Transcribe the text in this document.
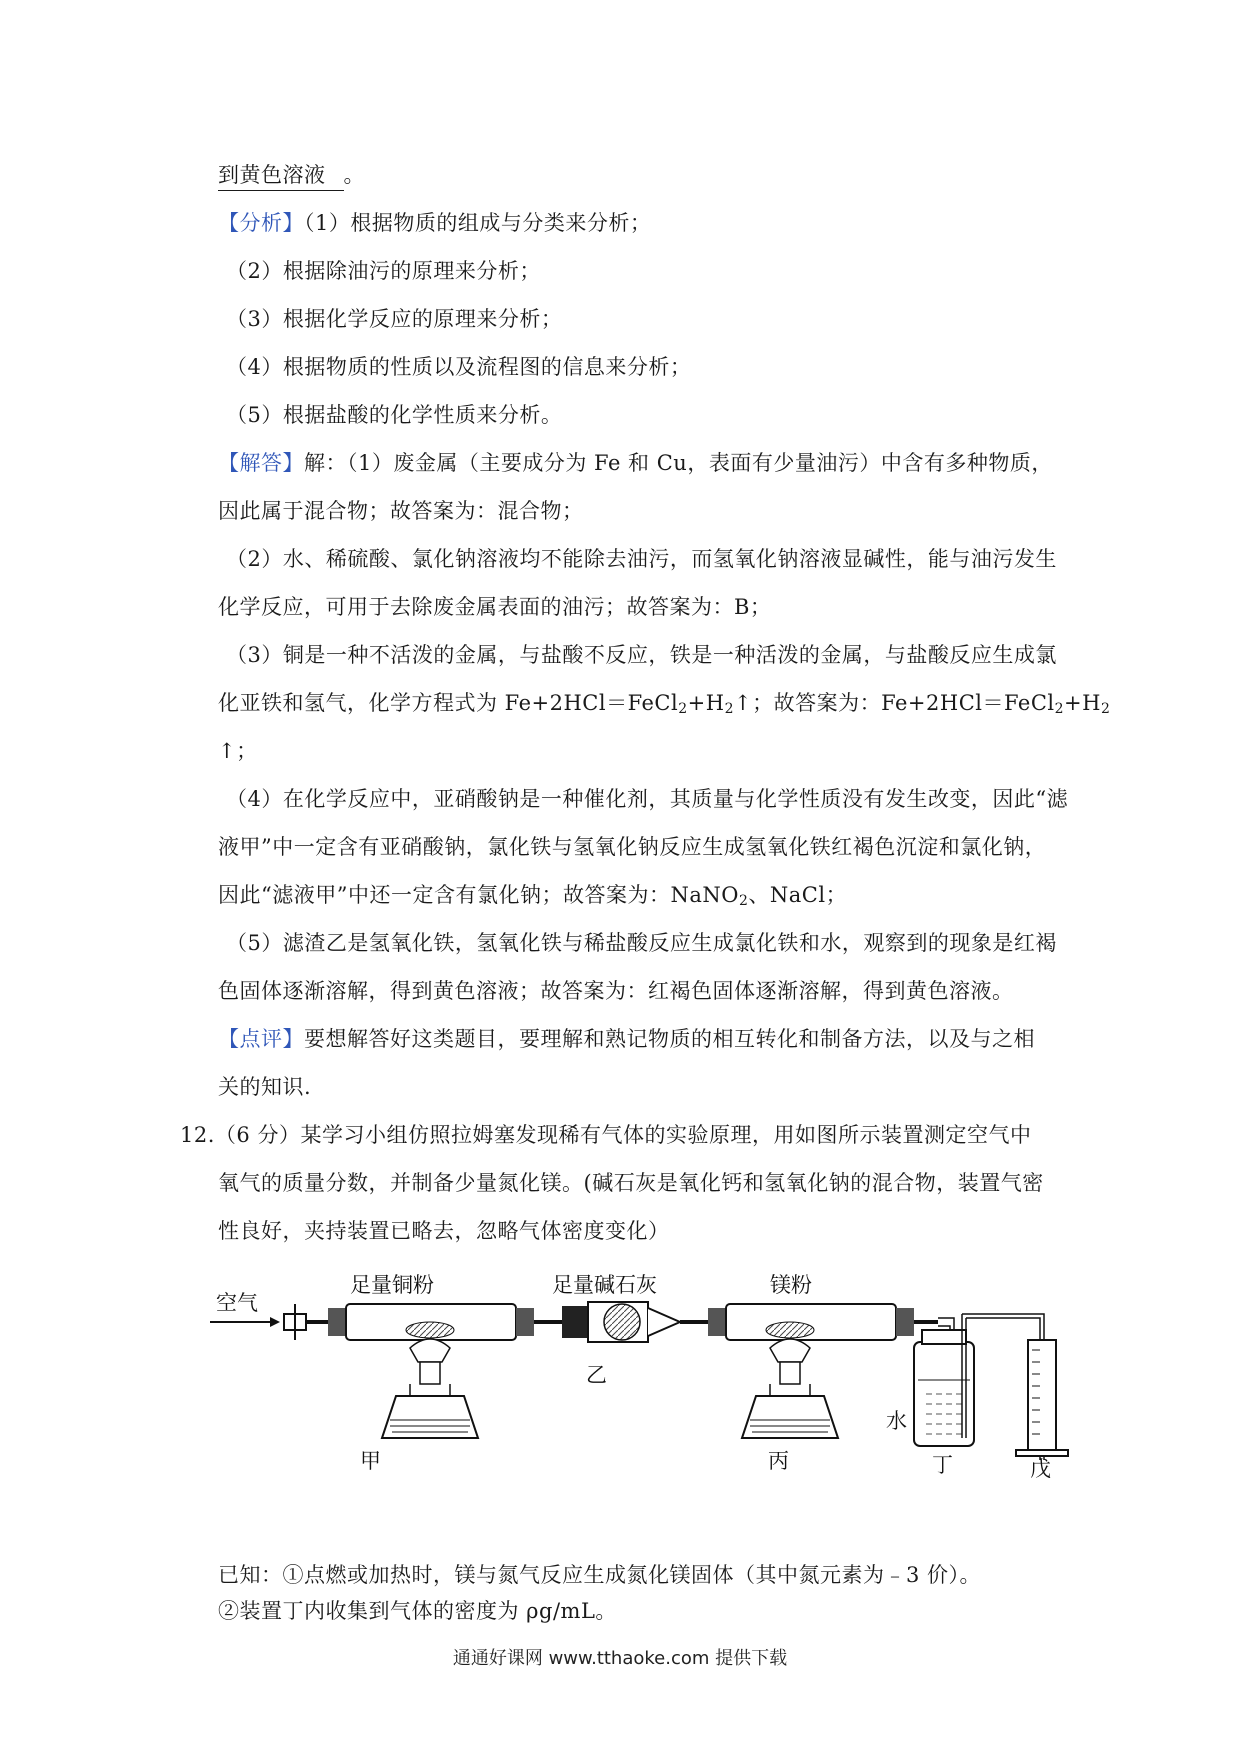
到黄色溶液 。
【分析】（1）根据物质的组成与分类来分析；
（2）根据除油污的原理来分析；
（3）根据化学反应的原理来分析；
（4）根据物质的性质以及流程图的信息来分析；
（5）根据盐酸的化学性质来分析。
【解答】解：（1）废金属（主要成分为 Fe 和 Cu，表面有少量油污）中含有多种物质，
因此属于混合物；故答案为：混合物；
（2）水、稀硫酸、氯化钠溶液均不能除去油污，而氢氧化钠溶液显碱性，能与油污发生
化学反应，可用于去除废金属表面的油污；故答案为：B；
（3）铜是一种不活泼的金属，与盐酸不反应，铁是一种活泼的金属，与盐酸反应生成氯
化亚铁和氢气，化学方程式为 $Fe+2HCl=FeCl_2+H_2↑$；故答案为：$Fe+2HCl=FeCl_2+H_2$
↑；
（4）在化学反应中，亚硝酸钠是一种催化剂，其质量与化学性质没有发生改变，因此“滤
液甲”中一定含有亚硝酸钠，氯化铁与氢氧化钠反应生成氢氧化铁红褐色沉淀和氯化钠，
因此“滤液甲”中还一定含有氯化钠；故答案为：NaNO$_2$、NaCl；
（5）滤渣乙是氢氧化铁，氢氧化铁与稀盐酸反应生成氯化铁和水，观察到的现象是红褐
色固体逐渐溶解，得到黄色溶液；故答案为：红褐色固体逐渐溶解，得到黄色溶液。
【点评】要想解答好这类题目，要理解和熟记物质的相互转化和制备方法，以及与之相
关的知识.
12.（6 分）某学习小组仿照拉姆塞发现稀有气体的实验原理，用如图所示装置测定空气中
氧气的质量分数，并制备少量氮化镁。(碱石灰是氧化钙和氢氧化钠的混合物，装置气密
性良好，夹持装置已略去，忽略气体密度变化）
空气
足量铜粉
甲
足量碱石灰
乙
镁粉
丙
水
丁	戊
已知：①点燃或加热时，镁与氮气反应生成氮化镁固体（其中氮元素为﹣3 价）。
②装置丁内收集到气体的密度为 ρg/mL。
通通好课网 www.tthaoke.com 提供下载
